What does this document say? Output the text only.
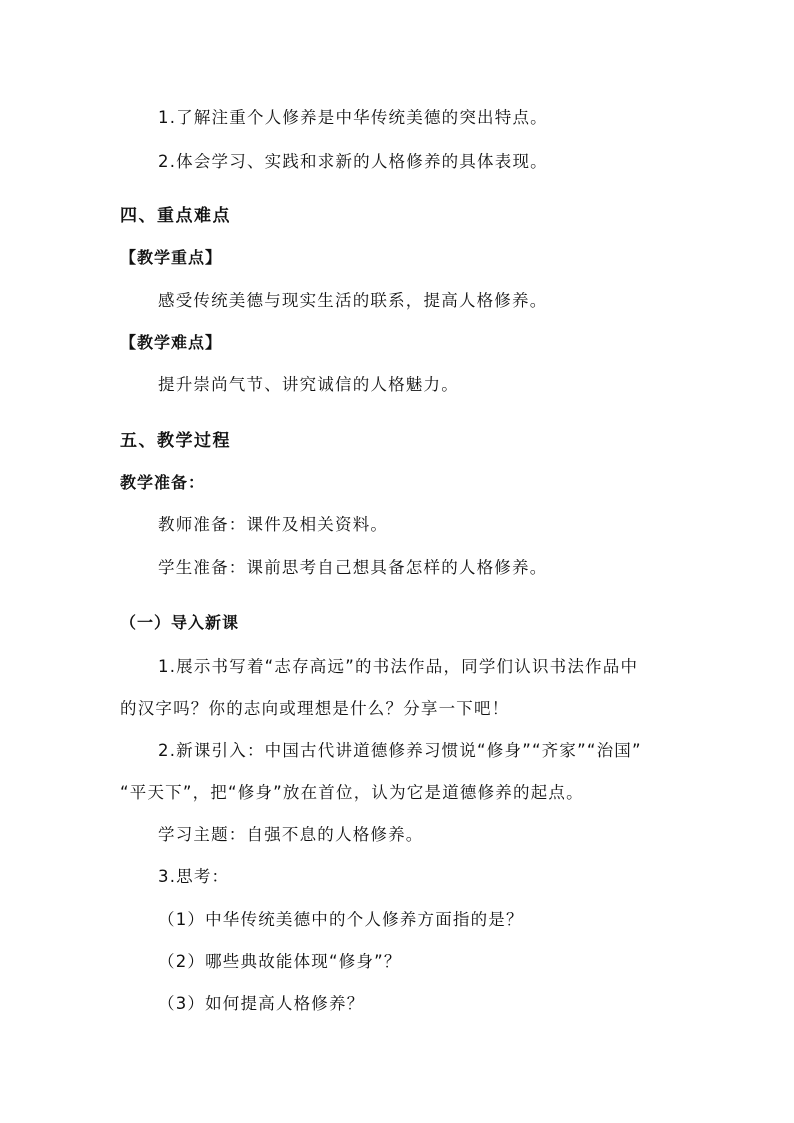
1.了解注重个人修养是中华传统美德的突出特点。
2.体会学习、实践和求新的人格修养的具体表现。
四、重点难点
【教学重点】
感受传统美德与现实生活的联系，提高人格修养。
【教学难点】
提升崇尚气节、讲究诚信的人格魅力。
五、教学过程
教学准备：
教师准备：课件及相关资料。
学生准备：课前思考自己想具备怎样的人格修养。
（一）导入新课
1.展示书写着“志存高远”的书法作品，同学们认识书法作品中
的汉字吗？你的志向或理想是什么？分享一下吧！
2.新课引入：中国古代讲道德修养习惯说“修身”“齐家”“治国”
“平天下”，把“修身”放在首位，认为它是道德修养的起点。
学习主题：自强不息的人格修养。
3.思考：
（1）中华传统美德中的个人修养方面指的是？
（2）哪些典故能体现“修身”？
（3）如何提高人格修养？
